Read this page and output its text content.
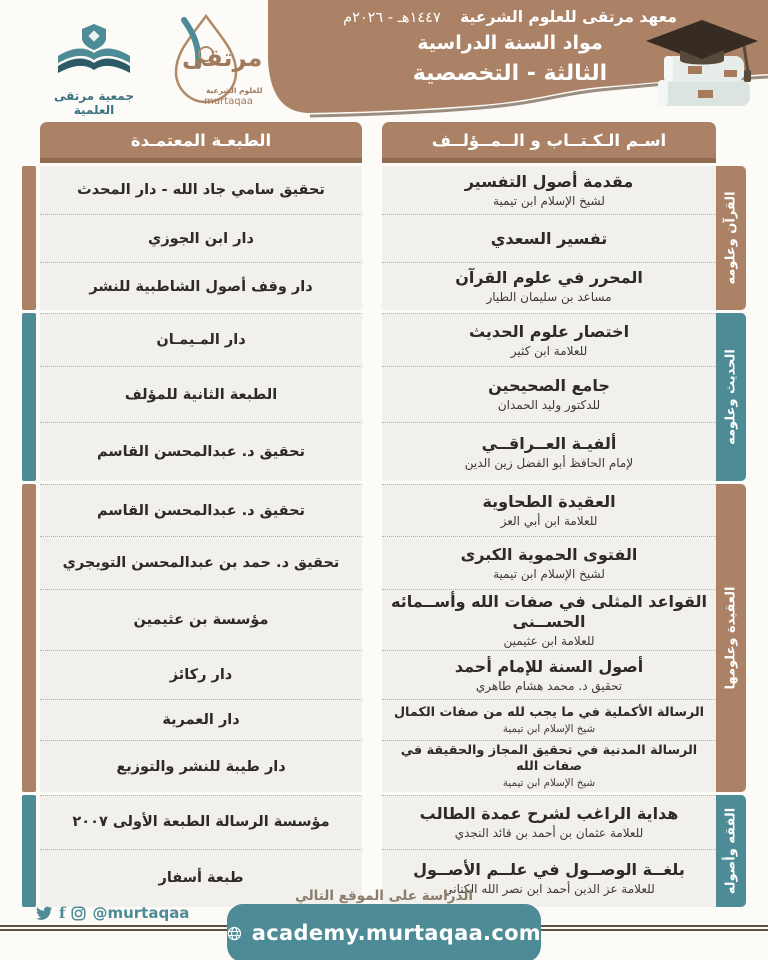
معهد مرتقى للعلوم الشرعية ١٤٤٧هـ - ٢٠٢٦م
مواد السنة الدراسية
الثالثة - التخصصية
مرتقى
للعلوم الشرعية
murtaqaa
جمعية مرتقى العلمية
الطبعـة المعتمـدة	اسـم الـكـتــاب و الــمــؤلــف
القرآن وعلومه
مقدمة أصول التفسير
لشيخ الإسلام ابن تيمية
تحقيق سامي جاد الله - دار المحدث
تفسير السعدي
دار ابن الجوزي
المحرر في علوم القرآن
مساعد بن سليمان الطيار
دار وقف أصول الشاطبية للنشر
الحديث وعلومه
اختصار علوم الحديث
للعلامة ابن كثير
دار المـيمـان
جامع الصحيحين
للدكتور وليد الحمدان
الطبعة الثانية للمؤلف
ألفيـة العــراقــي
لإمام الحافظ أبو الفضل زين الدين
تحقيق د. عبدالمحسن القاسم
العقيدة وعلومها
العقيدة الطحاوية
للعلامة ابن أبي العز
تحقيق د. عبدالمحسن القاسم
الفتوى الحموية الكبرى
لشيخ الإسلام ابن تيمية
تحقيق د. حمد بن عبدالمحسن التويجري
القواعد المثلى في صفات الله وأســمائه الحســنى
للعلامة ابن عثيمين
مؤسسة بن عثيمين
أصول السنة للإمام أحمد
تحقيق د. محمد هشام طاهري
دار ركائز
الرسالة الأكملية في ما يجب لله من صفات الكمال
شيخ الإسلام ابن تيمية
دار العمرية
الرسالة المدنية في تحقيق المجاز والحقيقة في صفات الله
شيخ الإسلام ابن تيمية
دار طيبة للنشر والتوزيع
الفقه وأصوله
هداية الراغب لشرح عمدة الطالب
للعلامة عثمان بن أحمد بن قائد النجدي
مؤسسة الرسالة الطبعة الأولى ٢٠٠٧
بلغــة الوصــول في علــم الأصــول
للعلامة عز الدين أحمد ابن نصر الله الكناني
طبعة أسفار
الدراسة على الموقع التالي
f @murtaqaa
academy.murtaqaa.com
